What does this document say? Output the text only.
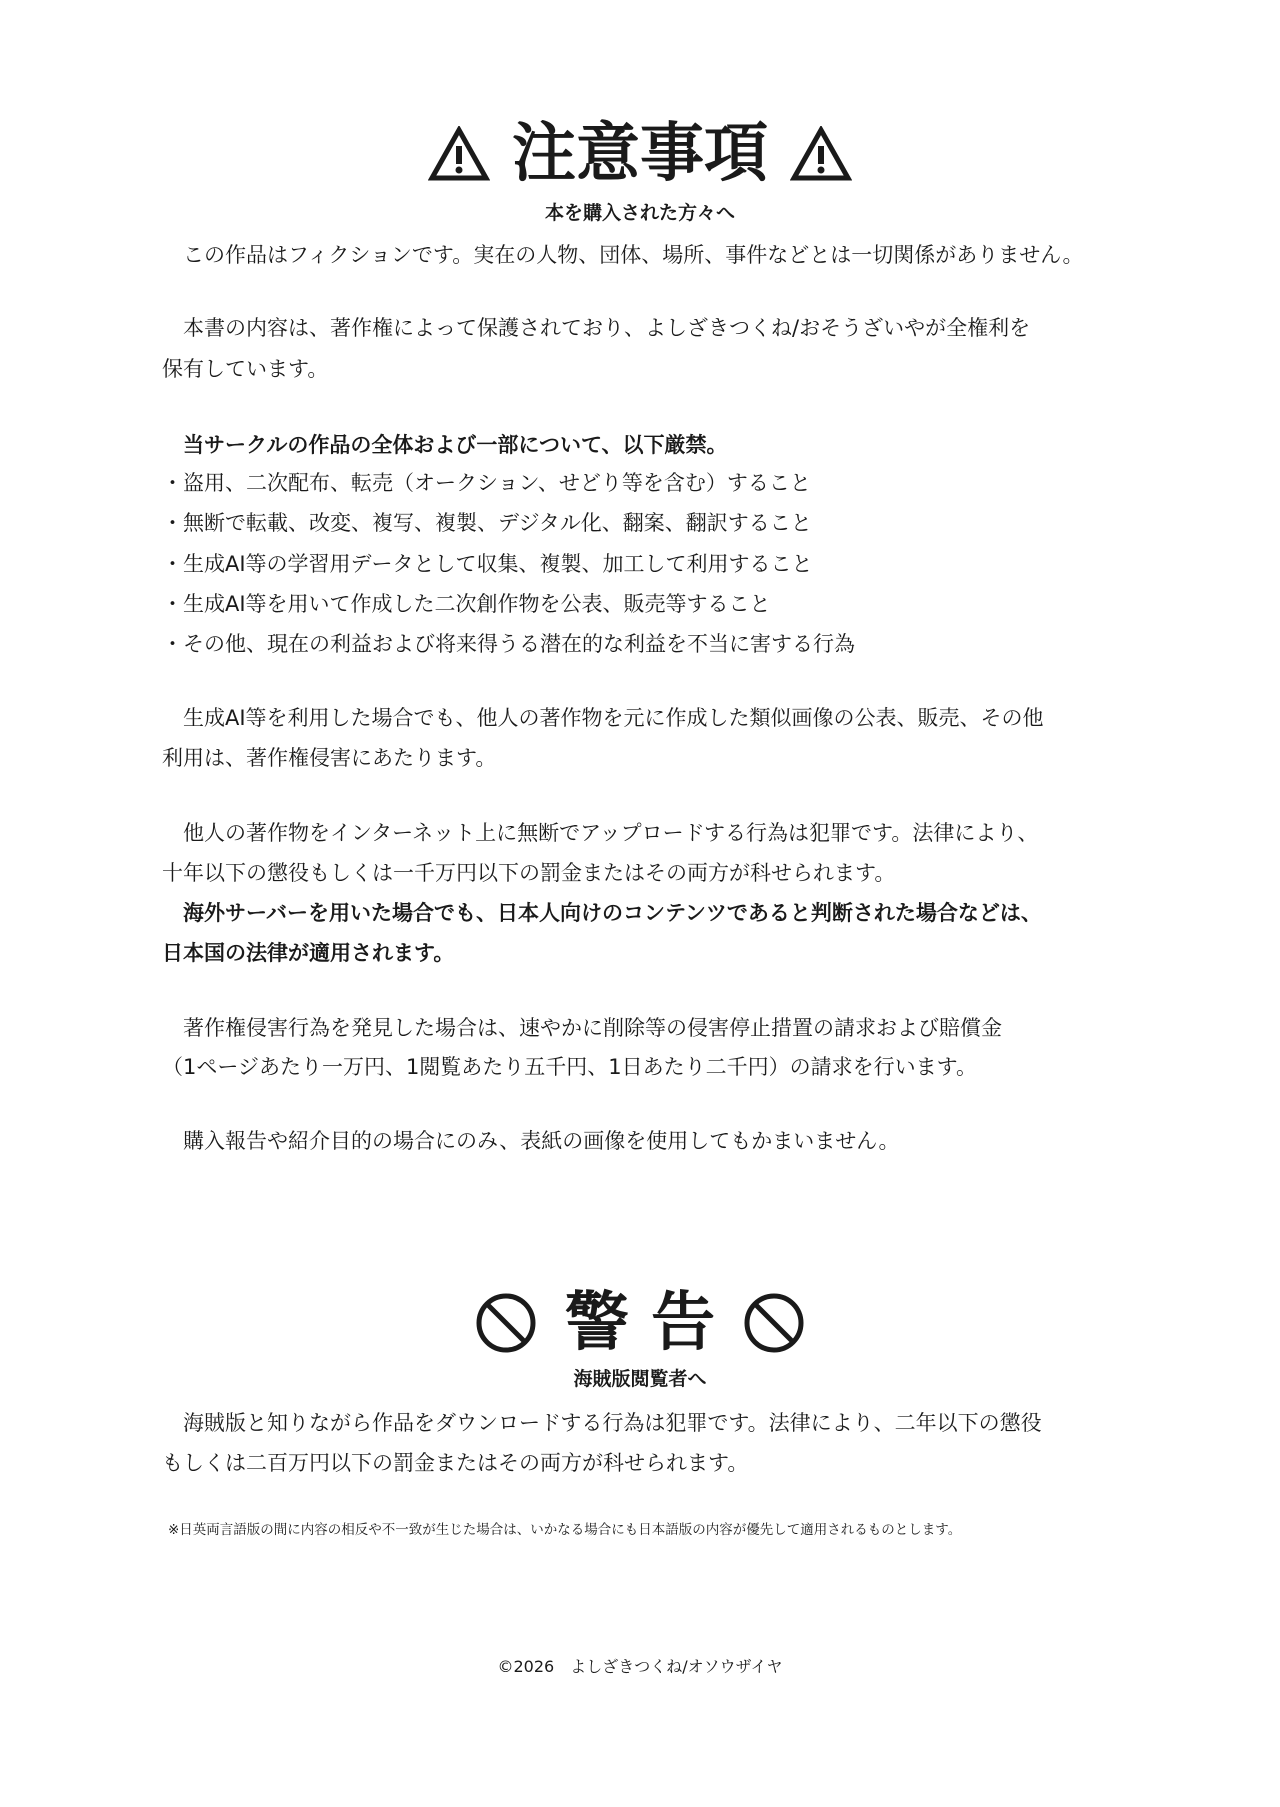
注意事項
本を購入された方々へ
　この作品はフィクションです。実在の人物、団体、場所、事件などとは一切関係がありません。
　本書の内容は、著作権によって保護されており、よしざきつくね/おそうざいやが全権利を
保有しています。
　当サークルの作品の全体および一部について、以下厳禁。
・盗用、二次配布、転売（オークション、せどり等を含む）すること
・無断で転載、改変、複写、複製、デジタル化、翻案、翻訳すること
・生成AI等の学習用データとして収集、複製、加工して利用すること
・生成AI等を用いて作成した二次創作物を公表、販売等すること
・その他、現在の利益および将来得うる潜在的な利益を不当に害する行為
　生成AI等を利用した場合でも、他人の著作物を元に作成した類似画像の公表、販売、その他
利用は、著作権侵害にあたります。
　他人の著作物をインターネット上に無断でアップロードする行為は犯罪です。法律により、
十年以下の懲役もしくは一千万円以下の罰金またはその両方が科せられます。
　海外サーバーを用いた場合でも、日本人向けのコンテンツであると判断された場合などは、
日本国の法律が適用されます。
　著作権侵害行為を発見した場合は、速やかに削除等の侵害停止措置の請求および賠償金
（1ページあたり一万円、1閲覧あたり五千円、1日あたり二千円）の請求を行います。
　購入報告や紹介目的の場合にのみ、表紙の画像を使用してもかまいません。
警 告
海賊版閲覧者へ
　海賊版と知りながら作品をダウンロードする行為は犯罪です。法律により、二年以下の懲役
もしくは二百万円以下の罰金またはその両方が科せられます。
※日英両言語版の間に内容の相反や不一致が生じた場合は、いかなる場合にも日本語版の内容が優先して適用されるものとします。
©2026　よしざきつくね/オソウザイヤ
